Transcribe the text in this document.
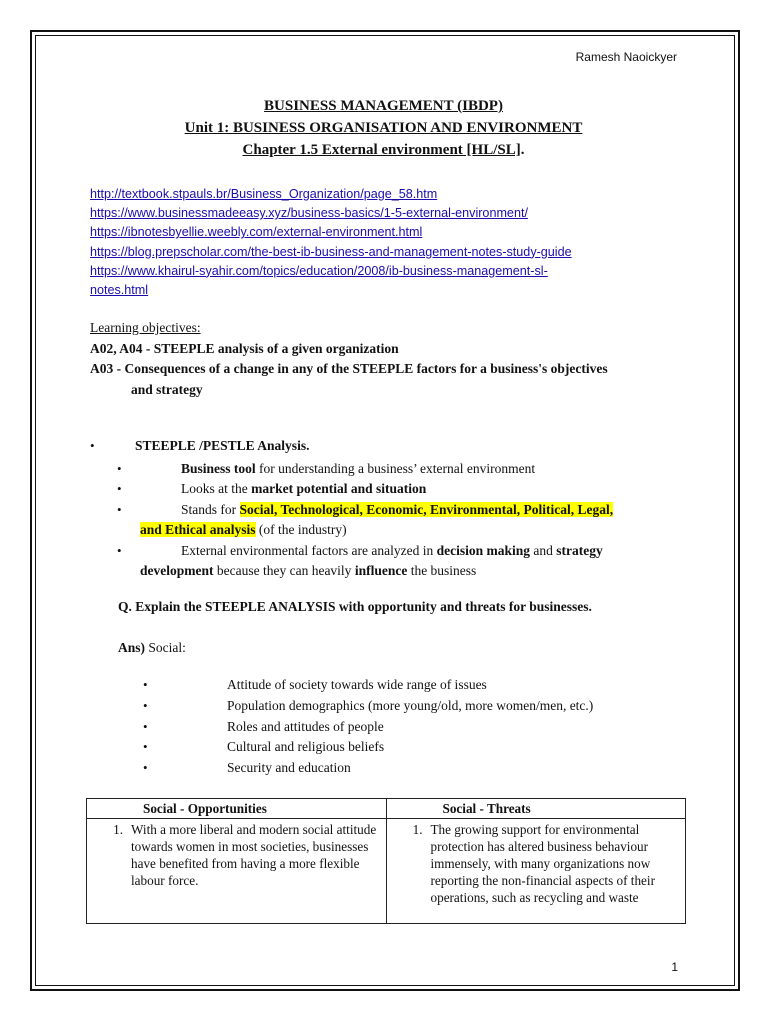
Ramesh Naoickyer
BUSINESS MANAGEMENT (IBDP)
Unit 1: BUSINESS ORGANISATION AND ENVIRONMENT
Chapter 1.5 External environment [HL/SL].
http://textbook.stpauls.br/Business_Organization/page_58.htm
https://www.businessmadeeasy.xyz/business-basics/1-5-external-environment/
https://ibnotesbyellie.weebly.com/external-environment.html
https://blog.prepscholar.com/the-best-ib-business-and-management-notes-study-guide
https://www.khairul-syahir.com/topics/education/2008/ib-business-management-sl-
notes.html
Learning objectives:
A02, A04 - STEEPLE analysis of a given organization
A03 - Consequences of a change in any of the STEEPLE factors for a business's objectives
and strategy
•	STEEPLE /PESTLE Analysis.
•	Business tool for understanding a business’ external environment
•	Looks at the market potential and situation
•	Stands for Social, Technological, Economic, Environmental, Political, Legal,
and Ethical analysis (of the industry)
•	External environmental factors are analyzed in decision making and strategy
development because they can heavily influence the business
Q. Explain the STEEPLE ANALYSIS with opportunity and threats for businesses.
Ans) Social:
•	Attitude of society towards wide range of issues
•	Population demographics (more young/old, more women/men, etc.)
•	Roles and attitudes of people
•	Cultural and religious beliefs
•	Security and education
Social - Opportunities	Social - Threats

1. With a more liberal and modern social attitude towards women in most societies, businesses have benefited from having a more flexible labour force.	1. The growing support for environmental protection has altered business behaviour immensely, with many organizations now reporting the non-financial aspects of their operations, such as recycling and waste
1
